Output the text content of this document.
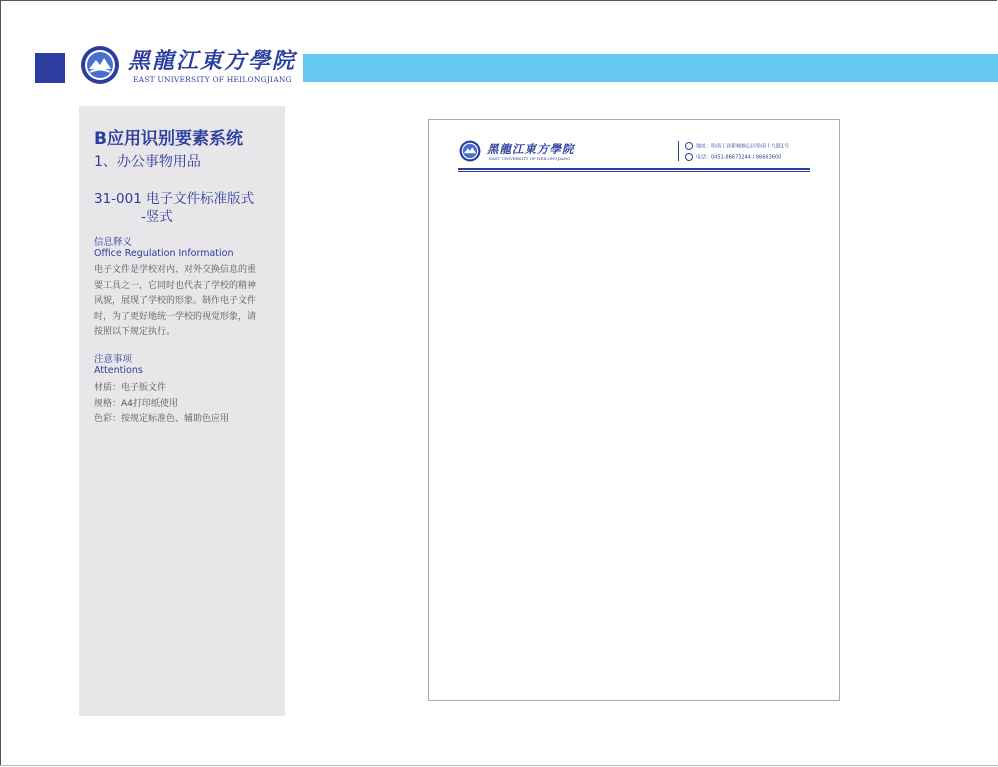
黑龍江東方學院
EAST UNIVERSITY OF HEILONGJIANG
B应用识别要素系统
1、办公事物用品
31-001 电子文件标准版式
-竖式
信息释义
Office Regulation Information
电子文件是学校对内、对外交换信息的重
要工具之一，它同时也代表了学校的精神
风貌，展现了学校的形象。制作电子文件
时，为了更好地统一学校的视觉形象，请
按照以下规定执行。
注意事项
Attentions
材质：电子版文件
规格：A4打印纸使用
色彩：按规定标准色、辅助色应用
黑龍江東方學院
EAST UNIVERSITY OF HEILONGJIANG
地址：哈南工业新城核心区哈南十九路1号
电话：0451-86673244 / 86663600
